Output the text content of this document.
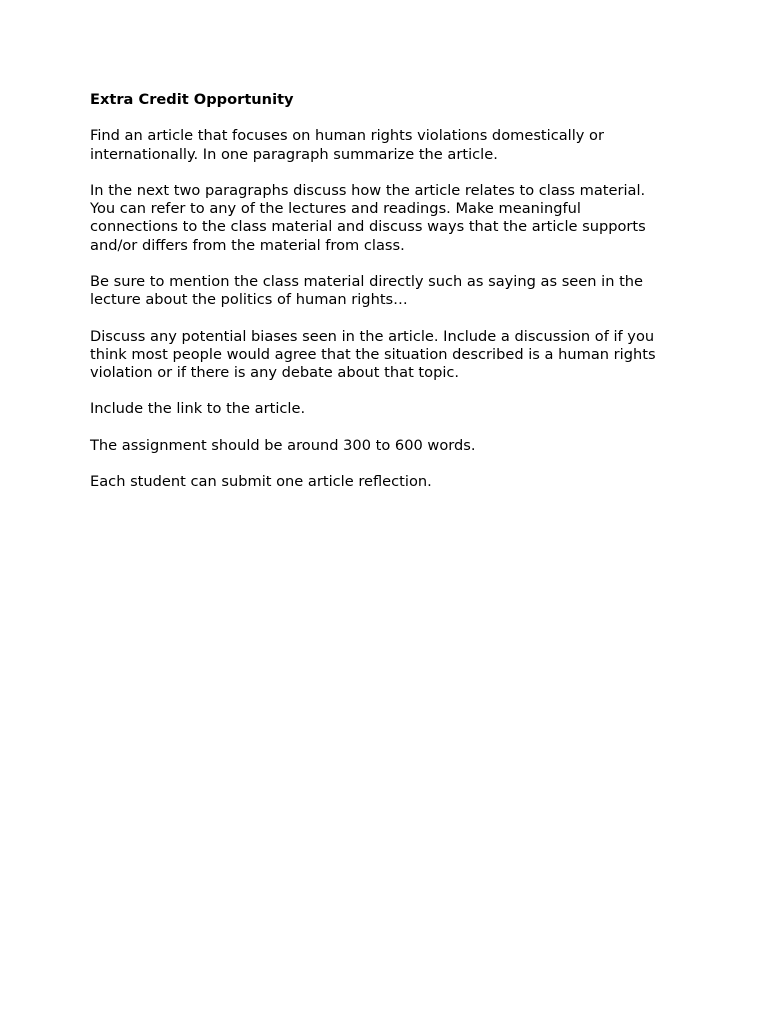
Extra Credit Opportunity
Find an article that focuses on human rights violations domestically or
internationally. In one paragraph summarize the article.
In the next two paragraphs discuss how the article relates to class material.
You can refer to any of the lectures and readings. Make meaningful
connections to the class material and discuss ways that the article supports
and/or differs from the material from class.
Be sure to mention the class material directly such as saying as seen in the
lecture about the politics of human rights…
Discuss any potential biases seen in the article. Include a discussion of if you
think most people would agree that the situation described is a human rights
violation or if there is any debate about that topic.
Include the link to the article.
The assignment should be around 300 to 600 words.
Each student can submit one article reflection.
